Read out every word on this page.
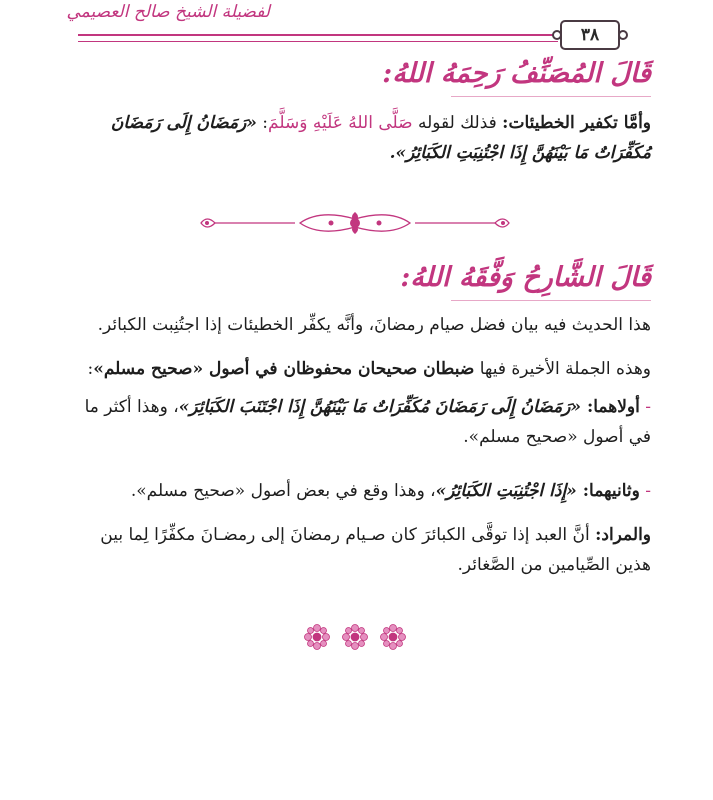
لفضيلة الشيخ صالح العصيمي
٣٨
قَالَ المُصَنِّفُ رَحِمَهُ اللهُ:
وأمَّا تكفير الخطيئات: فذلك لقوله صَلَّى اللهُ عَلَيْهِ وَسَلَّمَ: «رَمَضَانُ إِلَى رَمَضَانَ مُكَفِّرَاتٌ مَا بَيْنَهُنَّ إِذَا اجْتُنِبَتِ الكَبَائِرُ».
قَالَ الشَّارِحُ وَفَّقَهُ اللهُ:
هذا الحديث فيه بيان فضل صيام رمضانَ، وأنَّه يكفِّر الخطيئات إذا اجتُنِبت الكبائر.
وهذه الجملة الأخيرة فيها ضبطان صحيحان محفوظان في أصول «صحيح مسلم»:
- أولاهما: «رَمَضَانُ إِلَى رَمَضَانَ مُكَفِّرَاتٌ مَا بَيْنَهُنَّ إِذَا اجْتَنَبَ الكَبَائِرَ»، وهذا أكثر ما في أصول «صحيح مسلم».
- وثانيهما: «إِذَا اجْتُنِبَتِ الكَبَائِرُ»، وهذا وقع في بعض أصول «صحيح مسلم».
والمراد: أنَّ العبد إذا توقَّى الكبائرَ كان صـيام رمضانَ إلى رمضـانَ مكفِّرًا لِما بين هذين الصِّيامين من الصَّغائر.
